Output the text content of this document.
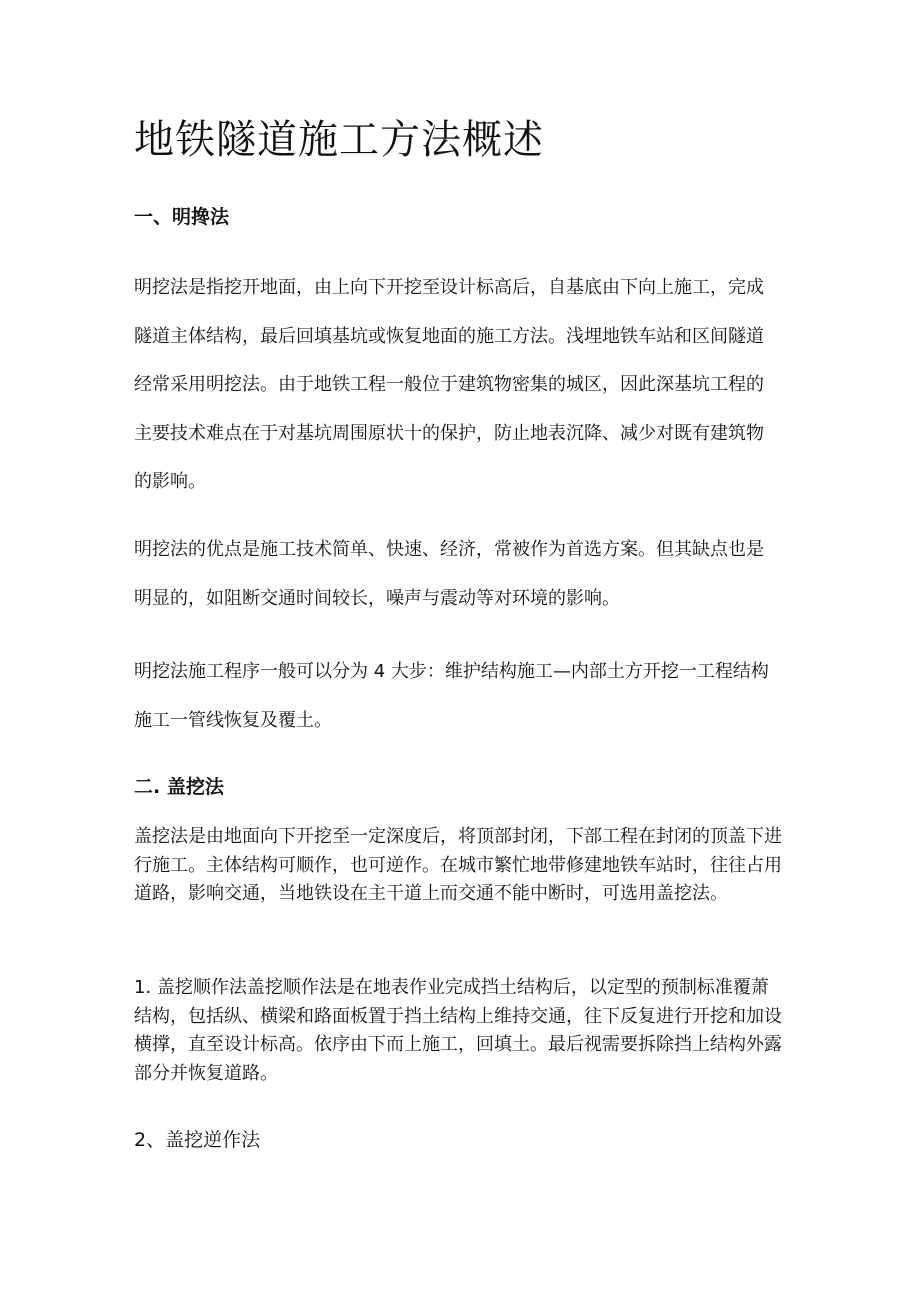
地铁隧道施工方法概述
一、明搀法

明挖法是指挖开地面，由上向下开挖至设计标高后，自基底由下向上施工，完成隧道主体结构，最后回填基坑或恢复地面的施工方法。浅埋地铁车站和区间隧道经常采用明挖法。由于地铁工程一般位于建筑物密集的城区，因此深基坑工程的主要技术难点在于对基坑周围原状十的保护，防止地表沉降、减少对既有建筑物的影响。

明挖法的优点是施工技术简单、快速、经济，常被作为首选方案。但其缺点也是明显的，如阻断交通时间较长，噪声与震动等对环境的影响。

明挖法施工程序一般可以分为 4 大步：维护结构施工—内部土方开挖一工程结构施工一管线恢复及覆土。

二. 盖挖法

盖挖法是由地面向下开挖至一定深度后，将顶部封闭，下部工程在封闭的顶盖下进行施工。主体结构可顺作，也可逆作。在城市繁忙地带修建地铁车站时，往往占用道路，影响交通，当地铁设在主干道上而交通不能中断时，可选用盖挖法。

1. 盖挖顺作法盖挖顺作法是在地表作业完成挡土结构后，以定型的预制标准覆萧结构，包括纵、横梁和路面板置于挡土结构上维持交通，往下反复进行开挖和加设横撑，直至设计标高。依序由下而上施工，回填土。最后视需要拆除挡上结构外露部分并恢复道路。

2、盖挖逆作法
